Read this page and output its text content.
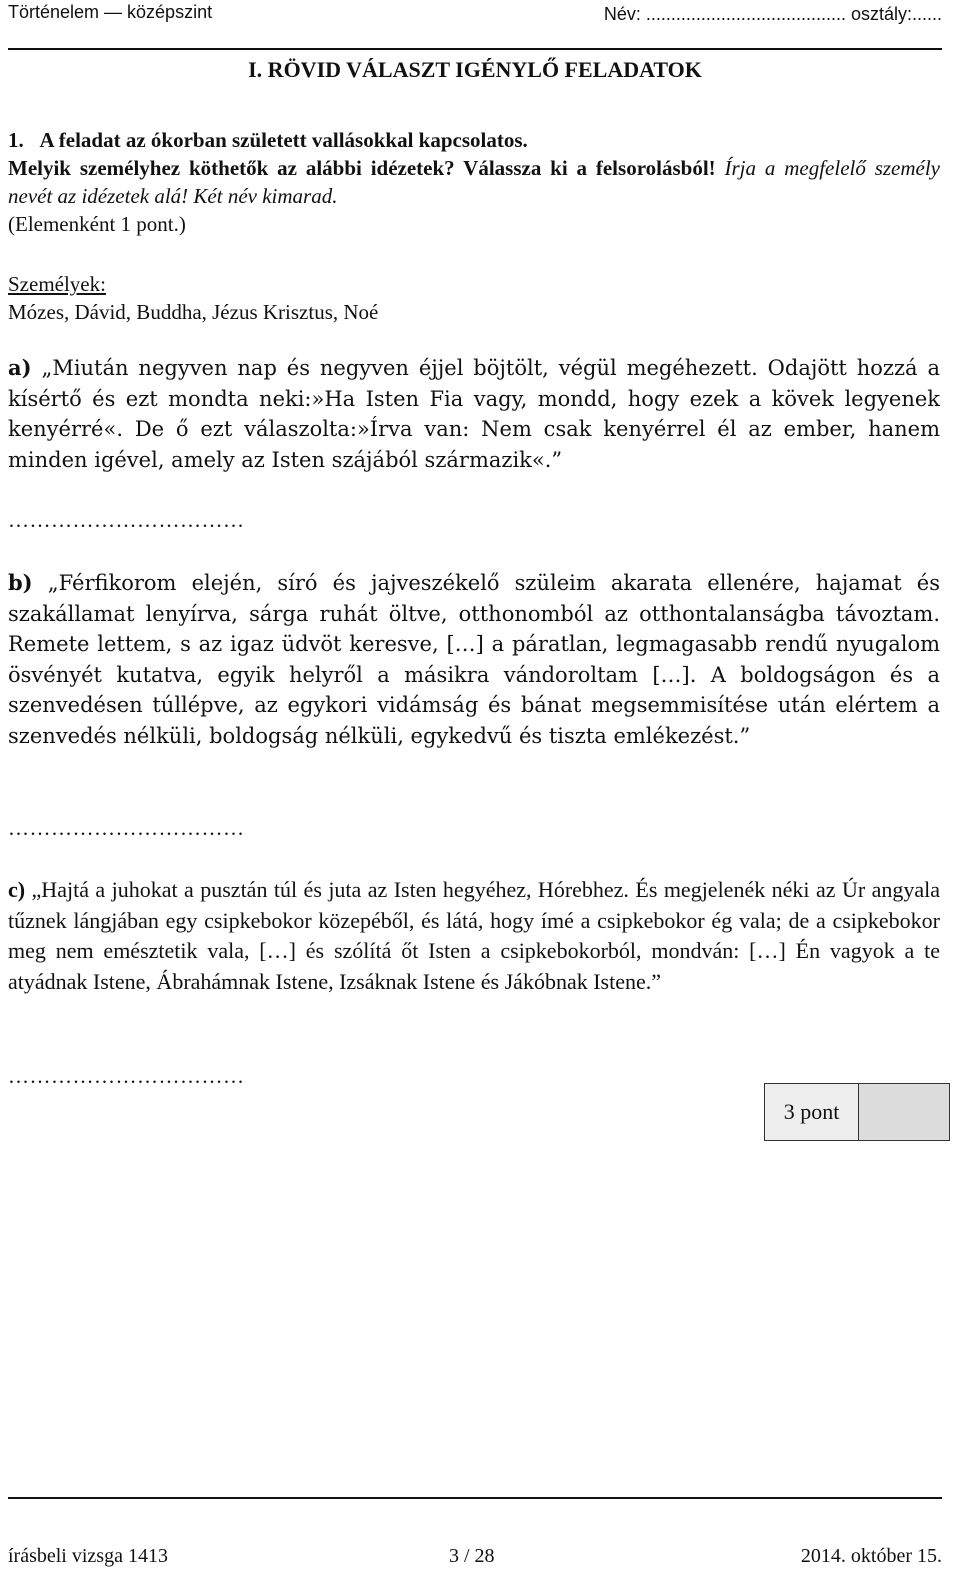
Történelem — középszint	Név: ........................................ osztály:......
I. RÖVID VÁLASZT IGÉNYLŐ FELADATOK
1. A feladat az ókorban született vallásokkal kapcsolatos.
Melyik személyhez köthetők az alábbi idézetek? Válassza ki a felsorolásból! Írja a megfelelő személy nevét az idézetek alá! Két név kimarad.
(Elemenként 1 pont.)
Személyek:
Mózes, Dávid, Buddha, Jézus Krisztus, Noé
a) „Miután negyven nap és negyven éjjel böjtölt, végül megéhezett. Odajött hozzá a kísértő és ezt mondta neki:»Ha Isten Fia vagy, mondd, hogy ezek a kövek legyenek kenyérré«. De ő ezt válaszolta:»Írva van: Nem csak kenyérrel él az ember, hanem minden igével, amely az Isten szájából származik«.”
……………………………
b) „Férfikorom elején, síró és jajveszékelő szüleim akarata ellenére, hajamat és szakállamat lenyírva, sárga ruhát öltve, otthonomból az otthontalanságba távoztam. Remete lettem, s az igaz üdvöt keresve, […] a páratlan, legmagasabb rendű nyugalom ösvényét kutatva, egyik helyről a másikra vándoroltam […]. A boldogságon és a szenvedésen túllépve, az egykori vidámság és bánat megsemmisítése után elértem a szenvedés nélküli, boldogság nélküli, egykedvű és tiszta emlékezést.”
……………………………
c) „Hajtá a juhokat a pusztán túl és juta az Isten hegyéhez, Hórebhez. És megjelenék néki az Úr angyala tűznek lángjában egy csipkebokor közepéből, és látá, hogy ímé a csipkebokor ég vala; de a csipkebokor meg nem emésztetik vala, […] és szólítá őt Isten a csipkebokorból, mondván: […] Én vagyok a te atyádnak Istene, Ábrahámnak Istene, Izsáknak Istene és Jákóbnak Istene.”
……………………………
3 pont
írásbeli vizsga 1413	3 / 28	2014. október 15.
